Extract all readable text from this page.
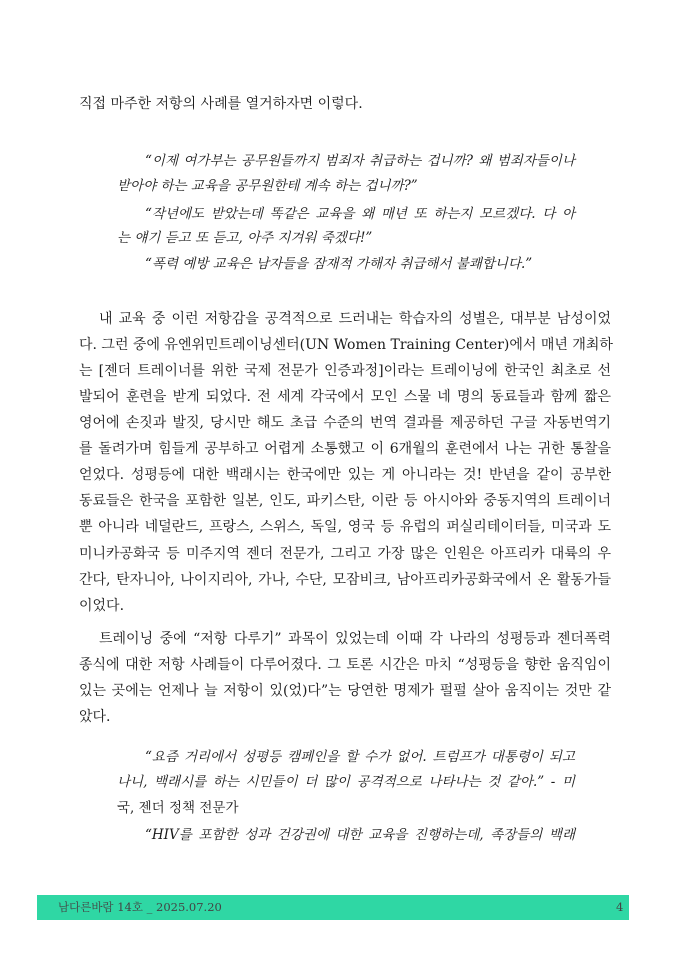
직접 마주한 저항의 사례를 열거하자면 이렇다.
“이제 여가부는 공무원들까지 범죄자 취급하는 겁니까? 왜 범죄자들이나
받아야 하는 교육을 공무원한테 계속 하는 겁니까?”
“작년에도 받았는데 똑같은 교육을 왜 매년 또 하는지 모르겠다. 다 아
는 얘기 듣고 또 듣고, 아주 지겨워 죽겠다!”
“폭력 예방 교육은 남자들을 잠재적 가해자 취급해서 불쾌합니다.”
내 교육 중 이런 저항감을 공격적으로 드러내는 학습자의 성별은, 대부분 남성이었
다. 그런 중에 유엔위민트레이닝센터(UN Women Training Center)에서 매년 개최하
는 [젠더 트레이너를 위한 국제 전문가 인증과정]이라는 트레이닝에 한국인 최초로 선
발되어 훈련을 받게 되었다. 전 세계 각국에서 모인 스물 네 명의 동료들과 함께 짧은
영어에 손짓과 발짓, 당시만 해도 초급 수준의 번역 결과를 제공하던 구글 자동번역기
를 돌려가며 힘들게 공부하고 어렵게 소통했고 이 6개월의 훈련에서 나는 귀한 통찰을
얻었다. 성평등에 대한 백래시는 한국에만 있는 게 아니라는 것! 반년을 같이 공부한
동료들은 한국을 포함한 일본, 인도, 파키스탄, 이란 등 아시아와 중동지역의 트레이너
뿐 아니라 네덜란드, 프랑스, 스위스, 독일, 영국 등 유럽의 퍼실리테이터들, 미국과 도
미니카공화국 등 미주지역 젠더 전문가, 그리고 가장 많은 인원은 아프리카 대륙의 우
간다, 탄자니아, 나이지리아, 가나, 수단, 모잠비크, 남아프리카공화국에서 온 활동가들
이었다.
트레이닝 중에 “저항 다루기” 과목이 있었는데 이때 각 나라의 성평등과 젠더폭력
종식에 대한 저항 사례들이 다루어졌다. 그 토론 시간은 마치 “성평등을 향한 움직임이
있는 곳에는 언제나 늘 저항이 있(었)다”는 당연한 명제가 펄펄 살아 움직이는 것만 같
았다.
“요즘 거리에서 성평등 캠페인을 할 수가 없어. 트럼프가 대통령이 되고
나니, 백래시를 하는 시민들이 더 많이 공격적으로 나타나는 것 같아.” - 미
국, 젠더 정책 전문가
“HIV를 포함한 성과 건강권에 대한 교육을 진행하는데, 족장들의 백래
남다른바람 14호 _ 2025.07.20	4
